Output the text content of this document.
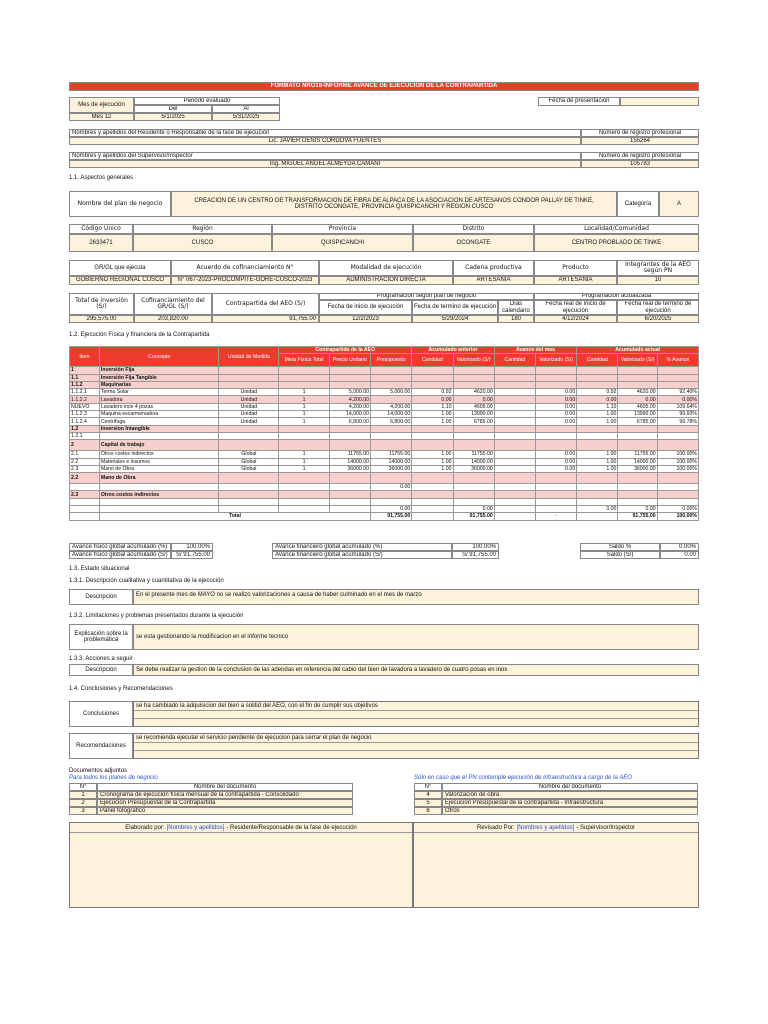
FORMATO NRO18-INFORME AVANCE DE EJECUCION DE LA CONTRAPARTIDA
Mes de ejecución
Periodo evaluado
Del	Al
Mes 12	5/1/2025	5/31/2025
Fecha de presentación
Nombres y apellidos del Residente o Responsable de la fase de ejecución
Lic. JAVIER DENIS CORDOVA FUENTES
Número de registro profesional
155264
Nombres y apellidos del Supervisor/Inspector
Ing. MIGUEL ANGEL ALMEYDA CAMANI
Número de registro profesional
105783
1.1. Aspectos generales
Nombre del plan de negocio	CREACION DE UN CENTRO DE TRANSFORMACION DE FIBRA DE ALPACA DE LA ASOCIACION DE ARTESANOS CONDOR PALLAY DE TINKE, DISTRITO OCONGATE, PROVINCIA QUISPICANCHI Y REGION CUSCO
Categoría	A
Código Único
2633471
Región
CUSCO
Provincia
QUISPICANCHI
Distrito
OCONGATE
Localidad/Comunidad
CENTRO PROBLADO DE TINKE
GR/GL que ejecuta
GOBIERNO REGIONAL CUSCO
Acuerdo de cofinanciamiento N°
N° 067-2023-PROCOMPITE-GORE-CUSCO-2023
Modalidad de ejecución
ADMINISTRACION DIRECTA
Cadena productiva
ARTESANIA
Producto
ARTESANIA
Integrantes de la AEO según PN
10
Total de inversión (S/)
Cofinanciamiento del GR/GL (S/)	Contrapartida del AEO (S/)
Programación según plan de negocio	Programación actualizada
Fecha de inicio de ejecución	Fecha de termino de ejecución
Días calendario
Fecha real de inicio de ejecución
Fecha real de termino de ejecución
295,575.00	203,820.00	91,755.00	12/2/2023	5/29/2024	180	4/12/2024	6/20/2025
1.2. Ejecución Física y financiera de la Contrapartida
Item	Concepto	Unidad de Medida	Contrapartida de la AEO			Acumulado anterior		Avance del mes		Acumulado actual		
			Meta Física Total	Precio Unitario	Presupuesto	Cantidad	Valorizado (S/)	Cantidad	Valorizado (S/)	Cantidad	Valorizado (S/)	% Avance
1	Inversión Fija											
1.1	Inversión Fija Tangible											
1.1.2	Maquinarias											
1.1.2.1	Terma Solar	Unidad	1	5,000.00	5,000.00	0.92	4620.00		0.00	0.92	4620.00	92.40%
1.1.2.2	Lavadora	Unidad	1	4,200.00		0.00	0.00		0.00	0.00	0.00	0.00%
NUEVO	Lavadero inox 4 pozas	Unidad	1	4,200.00	4,200.00	1.10	4605.00		0.00	1.10	4605.00	109.64%
1.1.2.3	Maquina escarmenadora	Unidad	1	14,000.00	14,000.00	1.00	13990.00		0.00	1.00	13990.00	99.93%
1.1.2.4	Centrífuga	Unidad	1	6,800.00	6,800.00	1.00	6785.00		0.00	1.00	6785.00	99.78%
1.2	Inversion Intangible											
1.2.1												
2	Capital de trabajo											
2.1	Otros costos indirectos	Global	1	11755.00	11755.00	1.00	11755.00		0.00	1.00	11755.00	100.00%
2.2	Materiales e insumos	Global	1	14000.00	14000.00	1.00	14000.00		0.00	1.00	14000.00	100.00%
2.3	Mano de Obra	Global	1	36000.00	36000.00	1.00	36000.00		0.00	1.00	36000.00	100.00%
2.2	Mano de Obra											
					0.00							
2.3	Otros costos indirectos											

					0.00		0.00			0.00	0.00	0.00%
	Total				91,755.00		91,755.00		-		91,755.00	100.00%
Avance físico global acumulado (%)	100.00%
Avance físico global acumulado (S/)	S/ 91,755.00
Avance financiero global acumulado (%)	100.00%
Avance financiero global acumulado (S/)	S/ 91,755.00
Saldo %	0.00%
Saldo (S/)	0.00
1.3. Estado situacional
1.3.1. Descripción cualitativa y cuantitativa de la ejecución
Descripción	En el presente mes de MAYO no se realizo valorizaciones a causa de haber culminado en el mes de marzo
1.3.2. Limitaciones y problemas presentados durante la ejecución
Explicación sobre la problemática
se esta gestionando la modificacion en el informe tecnico
1.3.3. Acciones a seguir
Descripción	Se debe realizar la gestion de la conclusion de las adendas en referencia del cabio del bien de lavadora a lavadero de cuatro posas en inox
1.4. Conclusiones y Recomendaciones
Conclusiones
se ha cambiado la adquisicion del bien a solitid del AEO, con el fin de cumplir sus objetivos
Recomendaciones
se recomienda ejecutar el servicio pendiente de ejecucion para cerrar el plan de negocio
Documentos adjuntos
Para todos los planes de negocio	Sólo en caso que el PN contemple ejecución de infraestructura a cargo de la AEO
N°	Nombre del documento
1	Cronograma de ejecución física mensual de la contrapartida - Consolidado
2	Ejecución Presupuestal de la Contrapartida
3	Panel fotográfico
N°	Nombre del documento
4	Valorización de obra
5	Ejecución Presupuestal de la contrapartida - Infraestructura
6	Otros
Elaborado por: [Nombres y apellidos] - Residente/Responsable de la fase de ejecución	Revisado Por: [Nombres y apellidos] - Supervisor/Inspector
